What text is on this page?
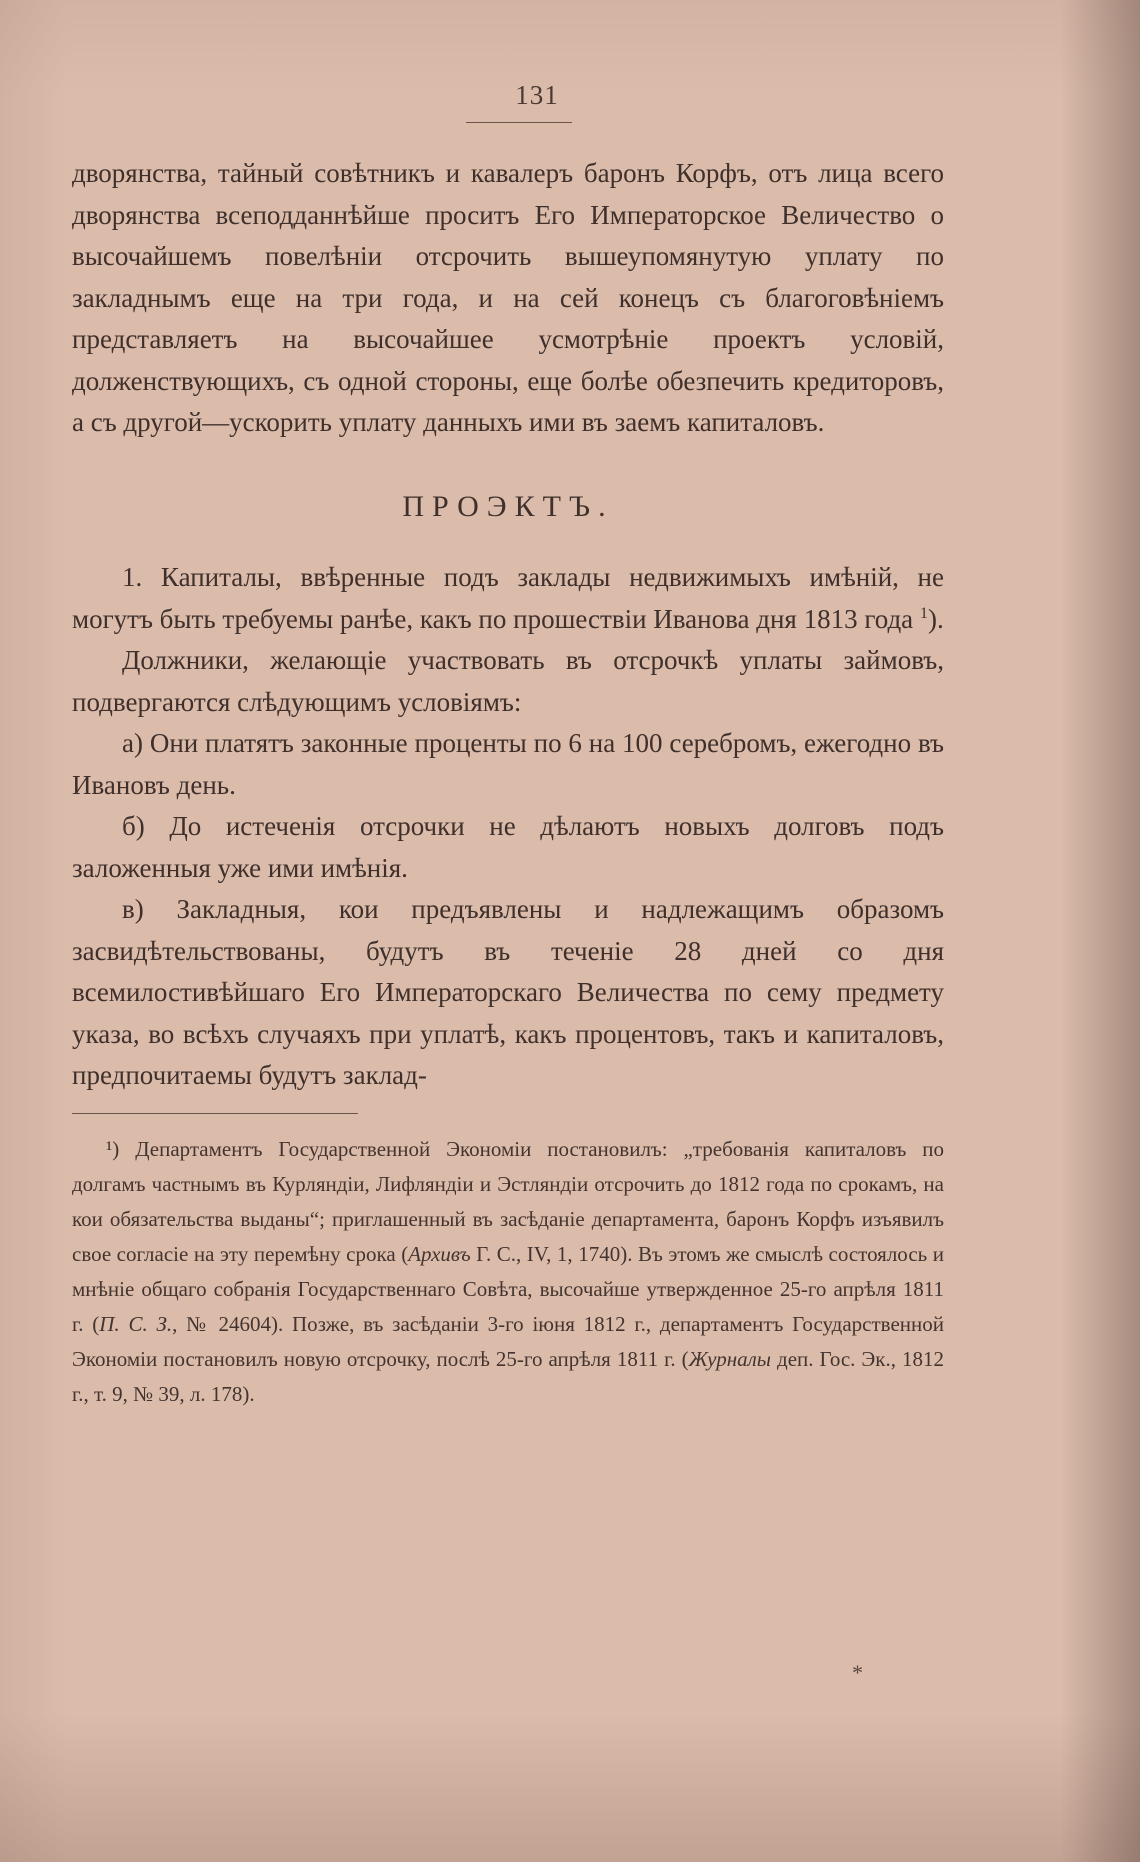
131

дворянства, тайный совѣтникъ и кавалеръ баронъ Корфъ, отъ лица всего дворянства всеподданнѣйше проситъ Его Императорское Величество о высочайшемъ повелѣнiи отсрочить вышеупомянутую уплату по закладнымъ еще на три года, и на сей конецъ съ благоговѣнiемъ представляетъ на высочайшее усмотрѣнiе проектъ условiй, долженствующихъ, съ одной стороны, еще болѣе обезпечить кредиторовъ, а съ другой—ускорить уплату данныхъ ими въ заемъ капиталовъ.

ПРОЭКТЪ.

1. Капиталы, ввѣренные подъ заклады недвижимыхъ имѣнiй, не могутъ быть требуемы ранѣе, какъ по прошествiи Иванова дня 1813 года $^1$).

Должники, желающiе участвовать въ отсрочкѣ уплаты займовъ, подвергаются слѣдующимъ условiямъ:

а) Они платятъ законные проценты по 6 на 100 серебромъ, ежегодно въ Ивановъ день.

б) До истеченiя отсрочки не дѣлаютъ новыхъ долговъ подъ заложенныя уже ими имѣнiя.

в) Закладныя, кои предъявлены и надлежащимъ образомъ засвидѣтельствованы, будутъ въ теченiе 28 дней со дня всемилостивѣйшаго Его Императорскаго Величества по сему предмету указа, во всѣхъ случаяхъ при уплатѣ, какъ процентовъ, такъ и капиталовъ, предпочитаемы будутъ заклад-

¹) Департаментъ Государственной Экономiи постановилъ: „требованiя капиталовъ по долгамъ частнымъ въ Курляндiи, Лифляндiи и Эстляндiи отсрочить до 1812 года по срокамъ, на кои обязательства выданы“; приглашенный въ засѣданiе департамента, баронъ Корфъ изъявилъ свое согласiе на эту перемѣну срока (Архивъ Г. С., IV, 1, 1740). Въ этомъ же смыслѣ состоялось и мнѣнiе общаго собранiя Государственнаго Совѣта, высочайше утвержденное 25-го апрѣля 1811 г. (П. С. З., № 24604). Позже, въ засѣданiи 3-го iюня 1812 г., департаментъ Государственной Экономiи постановилъ новую отсрочку, послѣ 25-го апрѣля 1811 г. (Журналы деп. Гос. Эк., 1812 г., т. 9, № 39, л. 178).

*
